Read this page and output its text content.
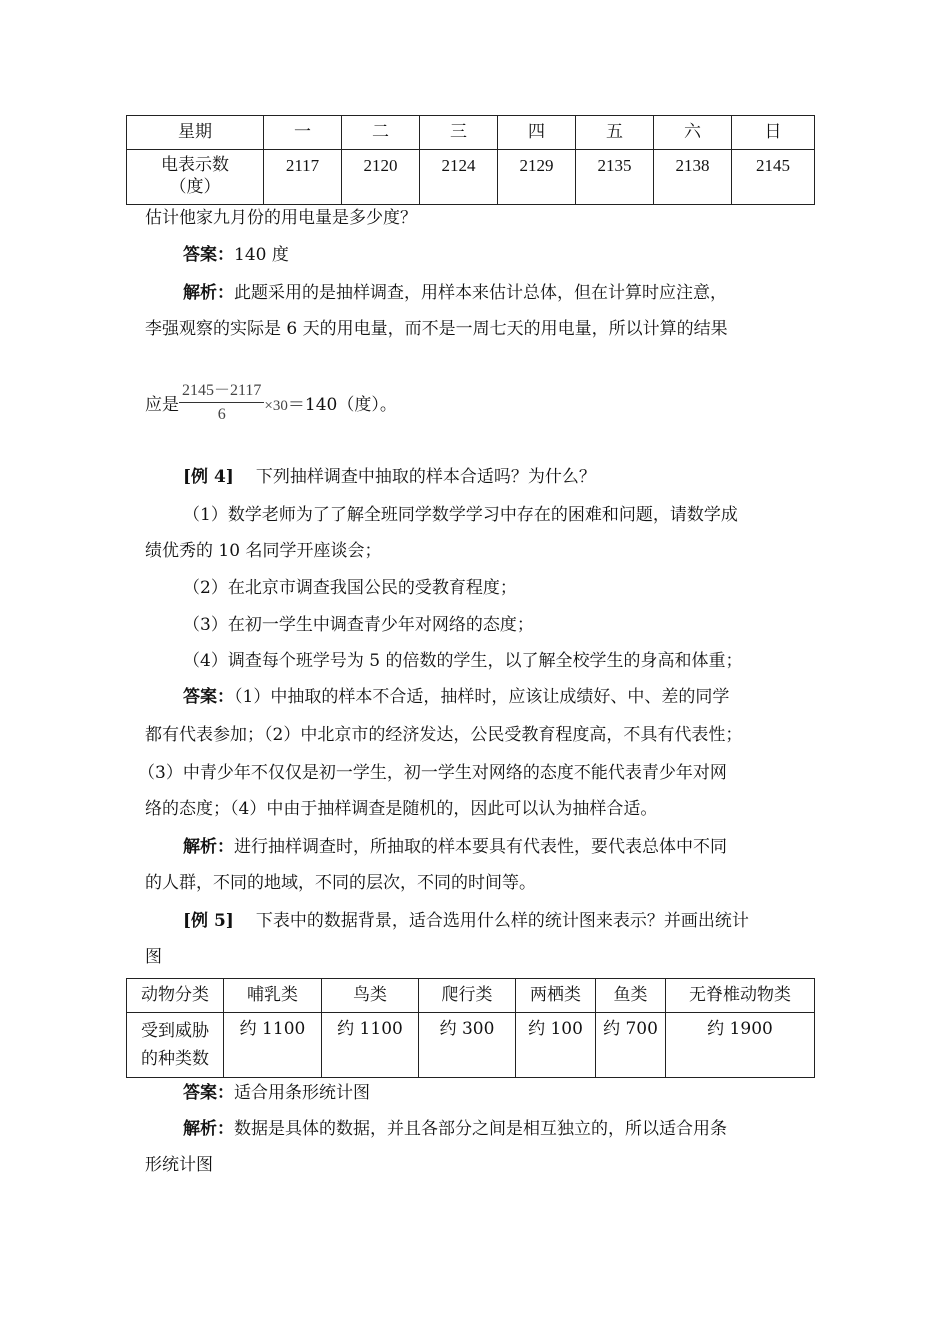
星期	一	二	三	四	五	六	日

电表示数
（度）	2117	2120	2124	2129	2135	2138	2145
估计他家九月份的用电量是多少度？
答案：140 度
解析：此题采用的是抽样调查，用样本来估计总体，但在计算时应注意，
李强观察的实际是 6 天的用电量，而不是一周七天的用电量，所以计算的结果
应是 $\frac{2145-2117}{6} \times 30=140$（度）。
[例 4] 下列抽样调查中抽取的样本合适吗？为什么？
（1）数学老师为了了解全班同学数学学习中存在的困难和问题，请数学成
绩优秀的 10 名同学开座谈会；
（2）在北京市调查我国公民的受教育程度；
（3）在初一学生中调查青少年对网络的态度；
（4）调查每个班学号为 5 的倍数的学生，以了解全校学生的身高和体重；
答案：（1）中抽取的样本不合适，抽样时，应该让成绩好、中、差的同学
都有代表参加；（2）中北京市的经济发达，公民受教育程度高，不具有代表性；
（3）中青少年不仅仅是初一学生，初一学生对网络的态度不能代表青少年对网
络的态度；（4）中由于抽样调查是随机的，因此可以认为抽样合适。
解析：进行抽样调查时，所抽取的样本要具有代表性，要代表总体中不同
的人群，不同的地域，不同的层次，不同的时间等。
[例 5] 下表中的数据背景，适合选用什么样的统计图来表示？并画出统计
图
动物分类	哺乳类	鸟类	爬行类	两栖类	鱼类	无脊椎动物类

受到威胁
的种类数	约 1100	约 1100	约 300	约 100	约 700	约 1900
答案：适合用条形统计图
解析：数据是具体的数据，并且各部分之间是相互独立的，所以适合用条
形统计图
